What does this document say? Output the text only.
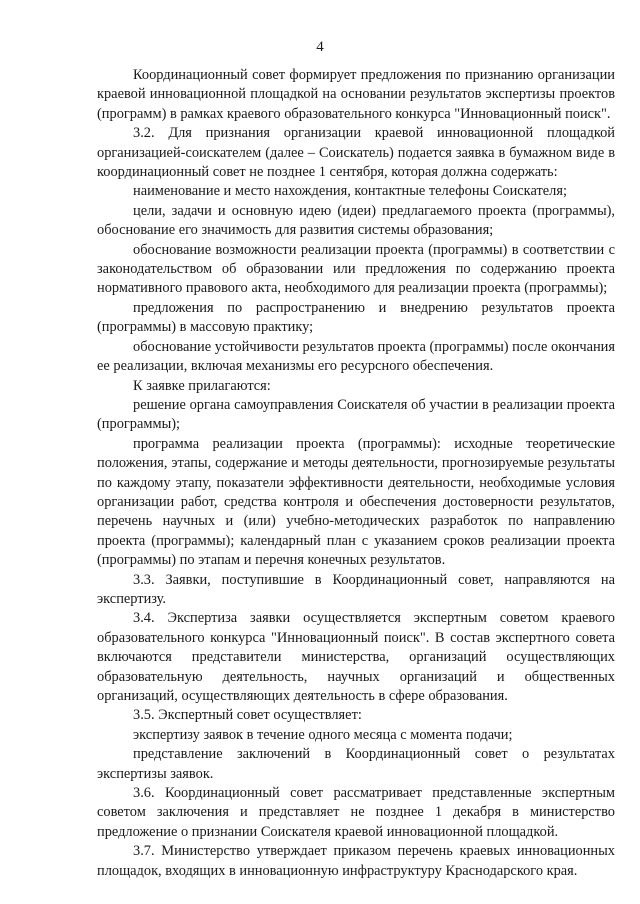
4

Координационный совет формирует предложения по признанию организации краевой инновационной площадкой на основании результатов экспертизы проектов (программ) в рамках краевого образовательного конкурса "Инновационный поиск".

3.2. Для признания организации краевой инновационной площадкой организацией-соискателем (далее – Соискатель) подается заявка в бумажном виде в координационный совет не позднее 1 сентября, которая должна содержать:

наименование и место нахождения, контактные телефоны Соискателя;

цели, задачи и основную идею (идеи) предлагаемого проекта (программы), обоснование его значимость для развития системы образования;

обоснование возможности реализации проекта (программы) в соответствии с законодательством об образовании или предложения по содержанию проекта нормативного правового акта, необходимого для реализации проекта (программы);

предложения по распространению и внедрению результатов проекта (программы) в массовую практику;

обоснование устойчивости результатов проекта (программы) после окончания ее реализации, включая механизмы его ресурсного обеспечения.

К заявке прилагаются:

решение органа самоуправления Соискателя об участии в реализации проекта (программы);

программа реализации проекта (программы): исходные теоретические положения, этапы, содержание и методы деятельности, прогнозируемые результаты по каждому этапу, показатели эффективности деятельности, необходимые условия организации работ, средства контроля и обеспечения достоверности результатов, перечень научных и (или) учебно-методических разработок по направлению проекта (программы); календарный план с указанием сроков реализации проекта (программы) по этапам и перечня конечных результатов.

3.3. Заявки, поступившие в Координационный совет, направляются на экспертизу.

3.4. Экспертиза заявки осуществляется экспертным советом краевого образовательного конкурса "Инновационный поиск". В состав экспертного совета включаются представители министерства, организаций осуществляющих образовательную деятельность, научных организаций и общественных организаций, осуществляющих деятельность в сфере образования.

3.5. Экспертный совет осуществляет:

экспертизу заявок в течение одного месяца с момента подачи;

представление заключений в Координационный совет о результатах экспертизы заявок.

3.6. Координационный совет рассматривает представленные экспертным советом заключения и представляет не позднее 1 декабря в министерство предложение о признании Соискателя краевой инновационной площадкой.

3.7. Министерство утверждает приказом перечень краевых инновационных площадок, входящих в инновационную инфраструктуру Краснодарского края.
